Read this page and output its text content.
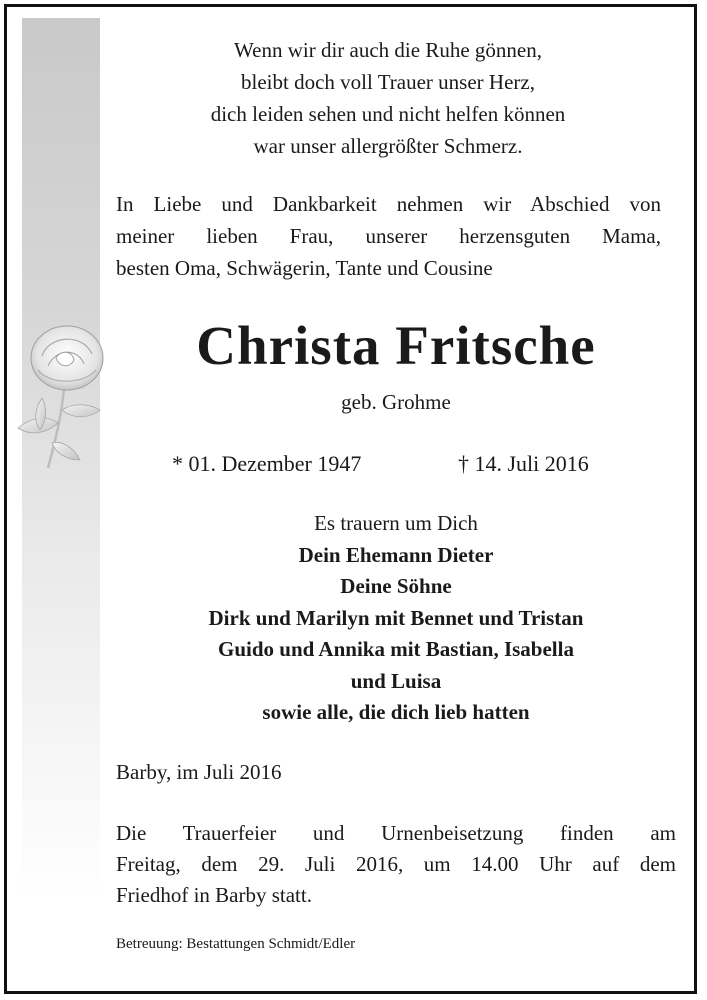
Wenn wir dir auch die Ruhe gönnen,
bleibt doch voll Trauer unser Herz,
dich leiden sehen und nicht helfen können
war unser allergrößter Schmerz.
In Liebe und Dankbarkeit nehmen wir Abschied von
meiner lieben Frau, unserer herzensguten Mama,
besten Oma, Schwägerin, Tante und Cousine
Christa Fritsche
geb. Grohme
* 01. Dezember 1947	† 14. Juli 2016
Es trauern um Dich
Dein Ehemann Dieter
Deine Söhne
Dirk und Marilyn mit Bennet und Tristan
Guido und Annika mit Bastian, Isabella
und Luisa
sowie alle, die dich lieb hatten
Barby, im Juli 2016
Die Trauerfeier und Urnenbeisetzung finden am
Freitag, dem 29. Juli 2016, um 14.00 Uhr auf dem
Friedhof in Barby statt.
Betreuung: Bestattungen Schmidt/Edler
